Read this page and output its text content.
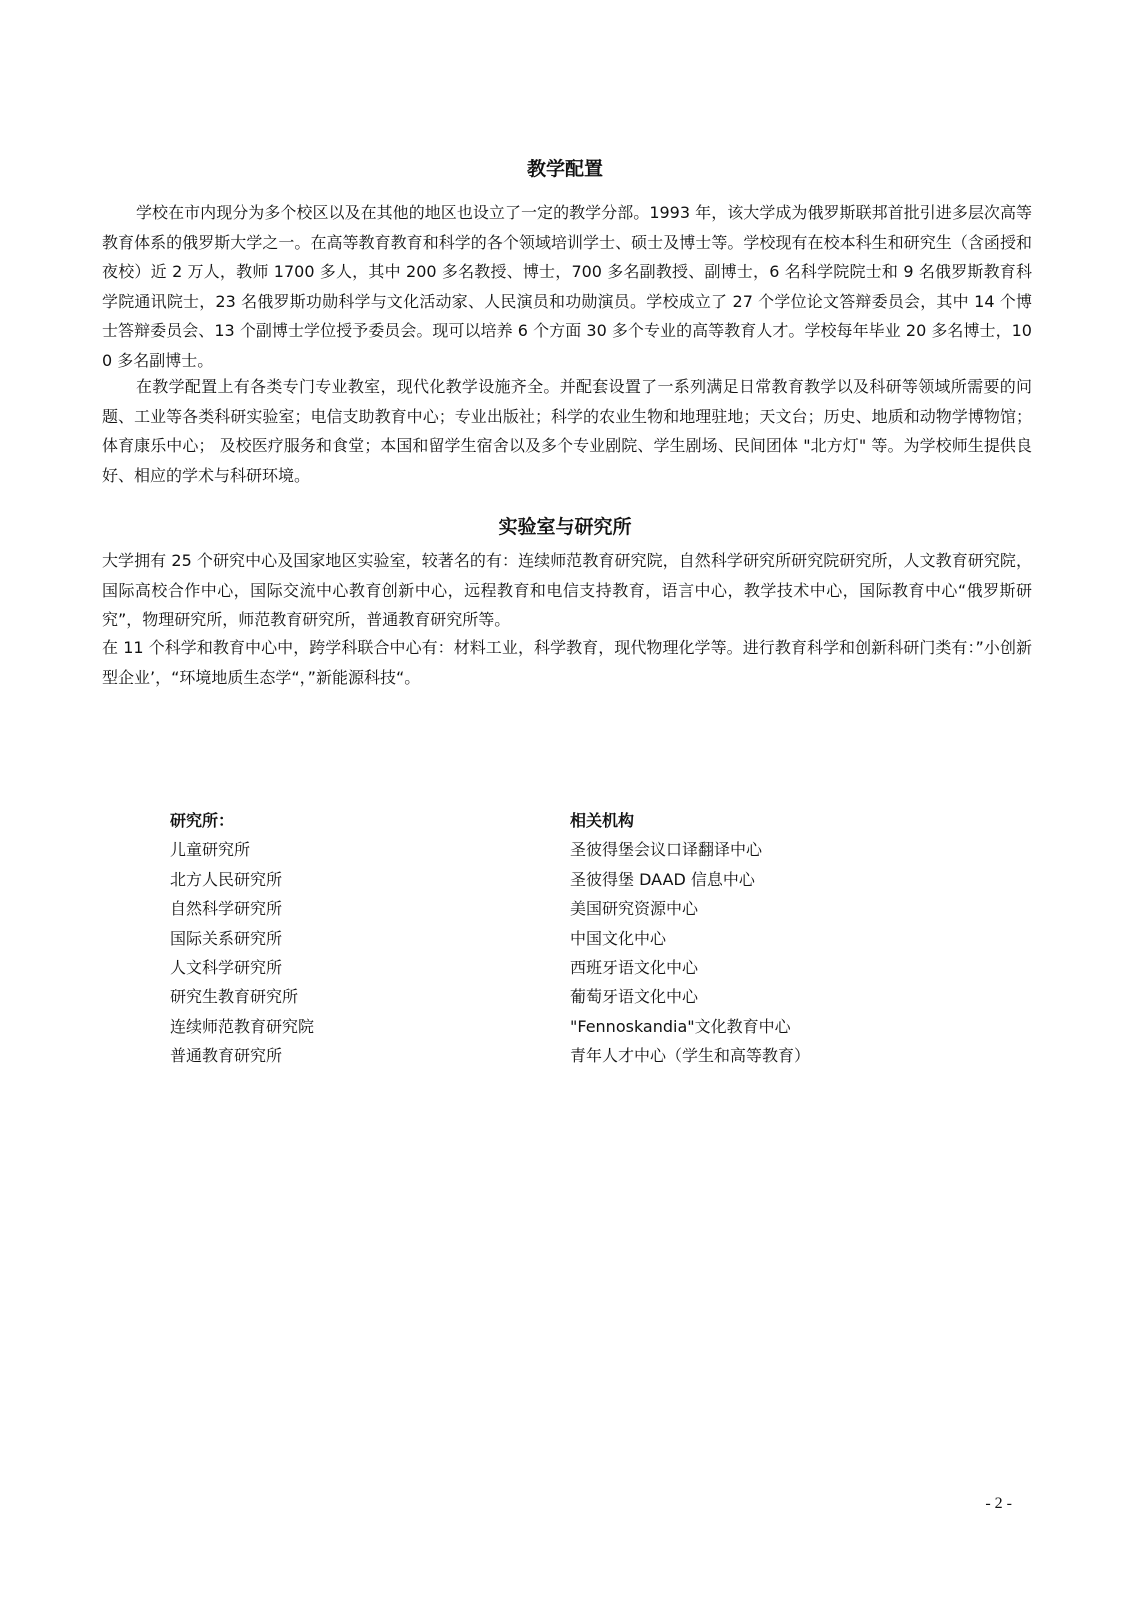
教学配置

学校在市内现分为多个校区以及在其他的地区也设立了一定的教学分部。1993 年，该大学成为俄罗斯联邦首批引进多层次高等教育体系的俄罗斯大学之一。在高等教育教育和科学的各个领域培训学士、硕士及博士等。学校现有在校本科生和研究生（含函授和夜校）近 2 万人，教师 1700 多人，其中 200 多名教授、博士，700 多名副教授、副博士，6 名科学院院士和 9 名俄罗斯教育科学院通讯院士，23 名俄罗斯功勋科学与文化活动家、人民演员和功勋演员。学校成立了 27 个学位论文答辩委员会，其中 14 个博士答辩委员会、13 个副博士学位授予委员会。现可以培养 6 个方面 30 多个专业的高等教育人才。学校每年毕业 20 多名博士，100 多名副博士。

在教学配置上有各类专门专业教室，现代化教学设施齐全。并配套设置了一系列满足日常教育教学以及科研等领域所需要的问题、工业等各类科研实验室；电信支助教育中心；专业出版社；科学的农业生物和地理驻地；天文台；历史、地质和动物学博物馆；体育康乐中心； 及校医疗服务和食堂；本国和留学生宿舍以及多个专业剧院、学生剧场、民间团体 "北方灯" 等。为学校师生提供良好、相应的学术与科研环境。

实验室与研究所

大学拥有 25 个研究中心及国家地区实验室，较著名的有：连续师范教育研究院，自然科学研究所研究院研究所，人文教育研究院，国际高校合作中心，国际交流中心教育创新中心，远程教育和电信支持教育，语言中心，教学技术中心，国际教育中心“俄罗斯研究”，物理研究所，师范教育研究所，普通教育研究所等。

在 11 个科学和教育中心中，跨学科联合中心有：材料工业，科学教育，现代物理化学等。进行教育科学和创新科研门类有：”小创新型企业’，“环境地质生态学“，”新能源科技“。

研究所：
儿童研究所
北方人民研究所
自然科学研究所
国际关系研究所
人文科学研究所
研究生教育研究所
连续师范教育研究院
普通教育研究所
相关机构
圣彼得堡会议口译翻译中心
圣彼得堡 DAAD 信息中心
美国研究资源中心
中国文化中心
西班牙语文化中心
葡萄牙语文化中心
"Fennoskandia"文化教育中心
青年人才中心（学生和高等教育）
- 2 -
